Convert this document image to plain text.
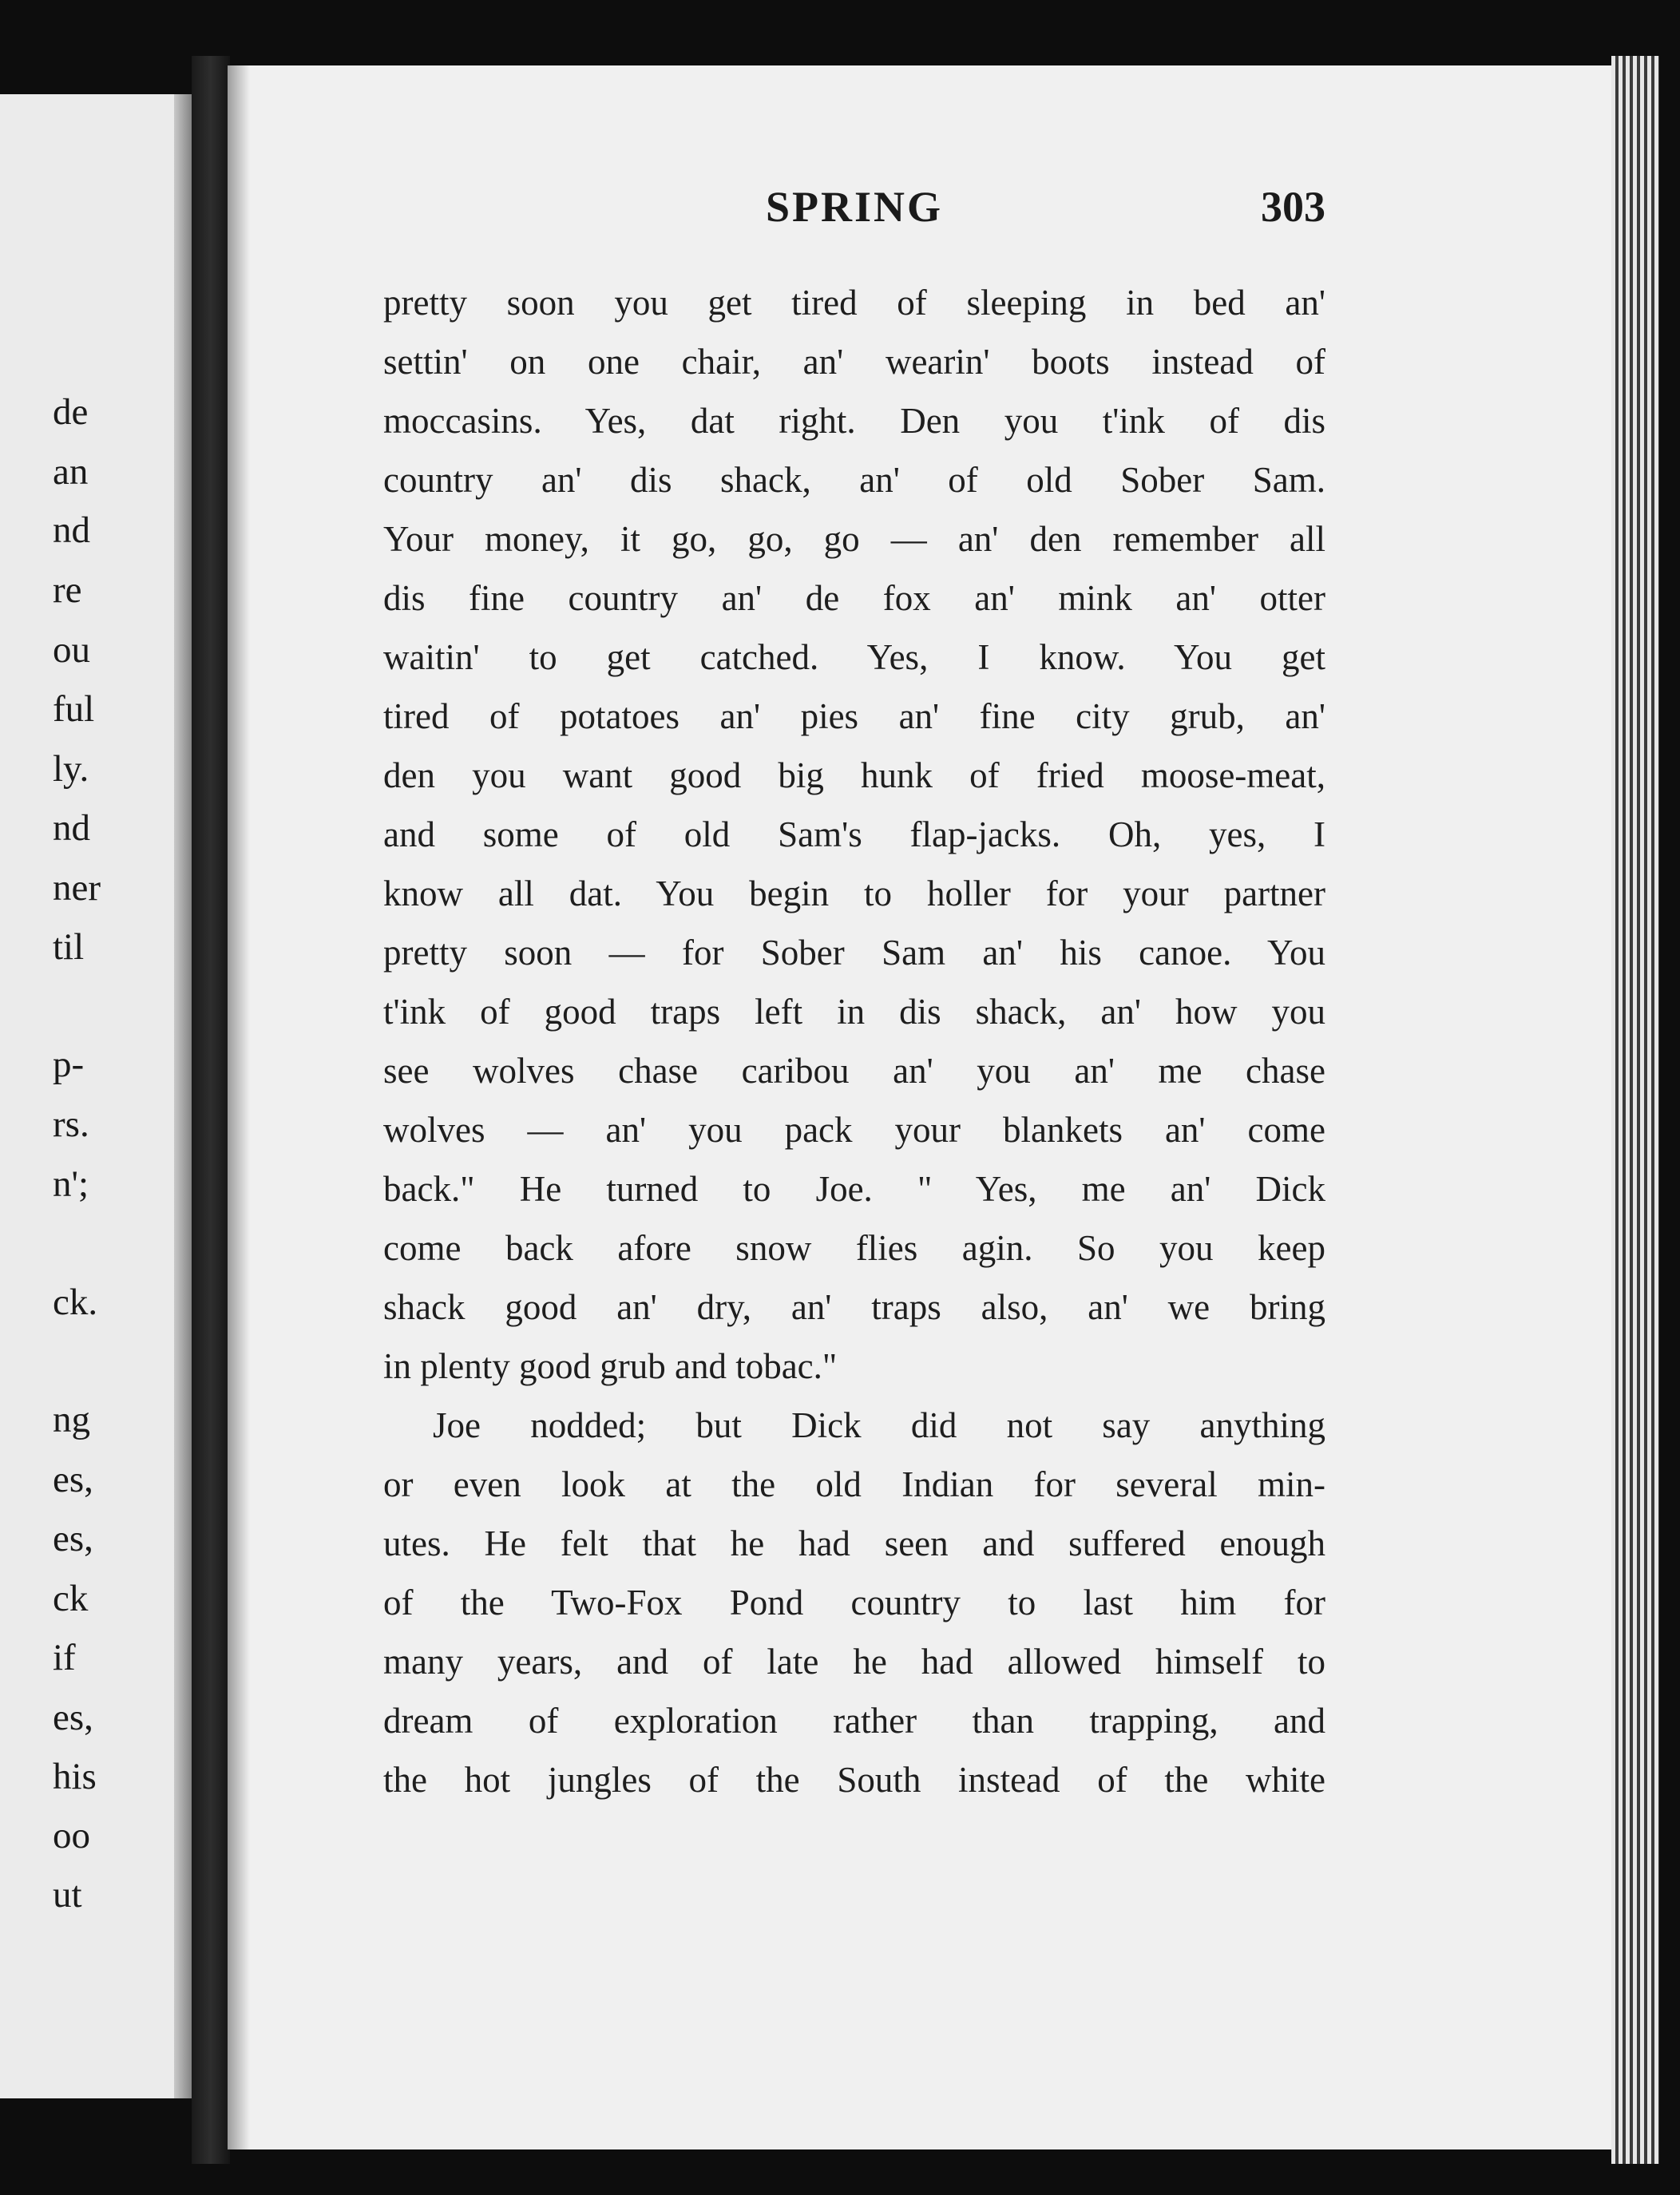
de

an

nd

re

ou

ful

ly.

nd

ner

til

p-

rs.

n';

ck.

ng

es,

es,

ck

if

es,

his

oo

ut

SPRING	303

pretty soon you get tired of sleeping in bed an'
settin' on one chair, an' wearin' boots instead of
moccasins. Yes, dat right. Den you t'ink of dis
country an' dis shack, an' of old Sober Sam.
Your money, it go, go, go — an' den remember all
dis fine country an' de fox an' mink an' otter
waitin' to get catched. Yes, I know. You get
tired of potatoes an' pies an' fine city grub, an'
den you want good big hunk of fried moose-meat,
and some of old Sam's flap-jacks. Oh, yes, I
know all dat. You begin to holler for your partner
pretty soon — for Sober Sam an' his canoe. You
t'ink of good traps left in dis shack, an' how you
see wolves chase caribou an' you an' me chase
wolves — an' you pack your blankets an' come
back." He turned to Joe. " Yes, me an' Dick
come back afore snow flies agin. So you keep
shack good an' dry, an' traps also, an' we bring
in plenty good grub and tobac."
Joe nodded; but Dick did not say anything
or even look at the old Indian for several min-
utes. He felt that he had seen and suffered enough
of the Two-Fox Pond country to last him for
many years, and of late he had allowed himself to
dream of exploration rather than trapping, and
the hot jungles of the South instead of the white
